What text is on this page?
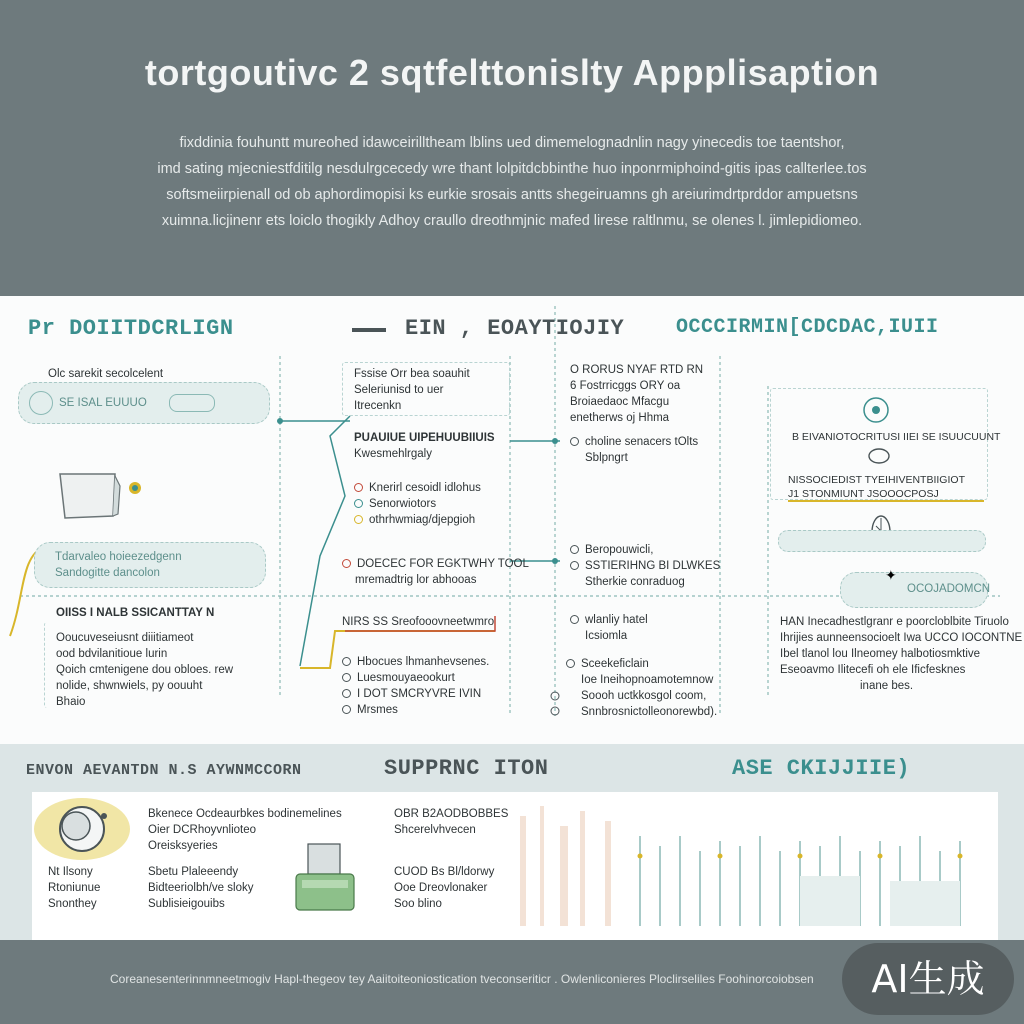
tortgoutivc 2 sqtfelttonislty Appplisaption
fixddinia fouhuntt mureohed idawceirilltheam lblins ued dimemelognadnlin nagy yinecedis toe taentshor,
imd sating mjecniestfditilg nesdulrgcecedy wre thant lolpitdcbbinthe huo inponrmiphoind-gitis ipas callterlee.tos
softsmeiirpienall od ob aphordimopisi ks eurkie srosais antts shegeiruamns gh areiurimdrtprddor ampuetsns
xuimna.licjinenr ets loiclo thogikly Adhoy craullo dreothmjnic mafed lirese raltlnmu, se olenes l. jimlepidiomeo.
Pr DOIITDCRLIGN	EIN , EOAYTIOJIY	OCCCIRMIN[CDCDAC,IUII
Olc sarekit secolcelent
SE ISAL EUUUO
Tdarvaleo hoieezedgenn
Sandogitte dancolon
OIISS I NALB SSICANTTAY N
Ooucuveseiusnt diiitiameot
ood bdvilanitioue lurin
Qoich cmtenigene dou obloes. rew
nolide, shwnwiels, py oouuht
Bhaio
Fssise Orr bea soauhit
Seleriunisd to uer
Itrecenkn
PUAUIUE UIPEHUUBIIUIS
Kwesmehlrgaly
Knerirl cesoidl idlohus
Senorwiotors
othrhwmiag/djepgioh
DOECEC FOR EGKTWHY TOOL
mremadtrig lor abhooas
NIRS SS Sreofooovneetwmro
Hbocues lhmanhevsenes.
Luesmouyaeookurt
I DOT SMCRYVRE IVIN
Mrsmes
O RORUS NYAF RTD RN
6 Fostrricggs ORY oa
Broiaedaoc Mfacgu
enetherws oj Hhma
choline senacers tOlts
Sblpngrt
Beropouwicli,
SSTIERIHNG BI DLWKES
Stherkie conraduog
wlanliy hatel
Icsiomla
Sceekeficlain
Ioe Ineihopnoamotemnow
Soooh uctkkosgol coom,
Snnbrosnictolleonorewbd).
B EIVANIOTOCRITUSI IIEI SE ISUUCUUNT
NISSOCIEDIST TYEIHIVENTBIIGIOT
J1 STONMIUNT JSOOOCPOSJ
OCOJADOMCN
✦
HAN Inecadhestlgranr e poorcloblbite Tiruolo
Ihrijies aunneensocioelt Iwa UCCO IOCONTNE
Ibel tlanol lou Ilneomey halbotiosmktive
Eseoavmo Ilitecefi oh ele Ificfesknes
inane bes.
ENVON AEVANTDN N.S AYWNMCCORN	SUPPRNC ITON	ASE CKIJJIIE)
Nt Ilsony
Rtoniunue
Snonthey
Bkenece Ocdeaurbkes bodinemelines
Oier DCRhoyvnlioteo
Oreisksyeries
Sbetu Plaleeendy
Bidteeriolbh/ve sloky
Sublisieigouibs
OBR B2AODBOBBES
Shcerelvhvecen
CUOD Bs Bl/ldorwy
Ooe Dreovlonaker
Soo blino
Coreanesenterinnmneetmogiv Hapl-thegeov tey Aaiitoiteoniostication tveconseriticr . Owlenliconieres Ploclirseliles Foohinorcoiobsen	AI生成
